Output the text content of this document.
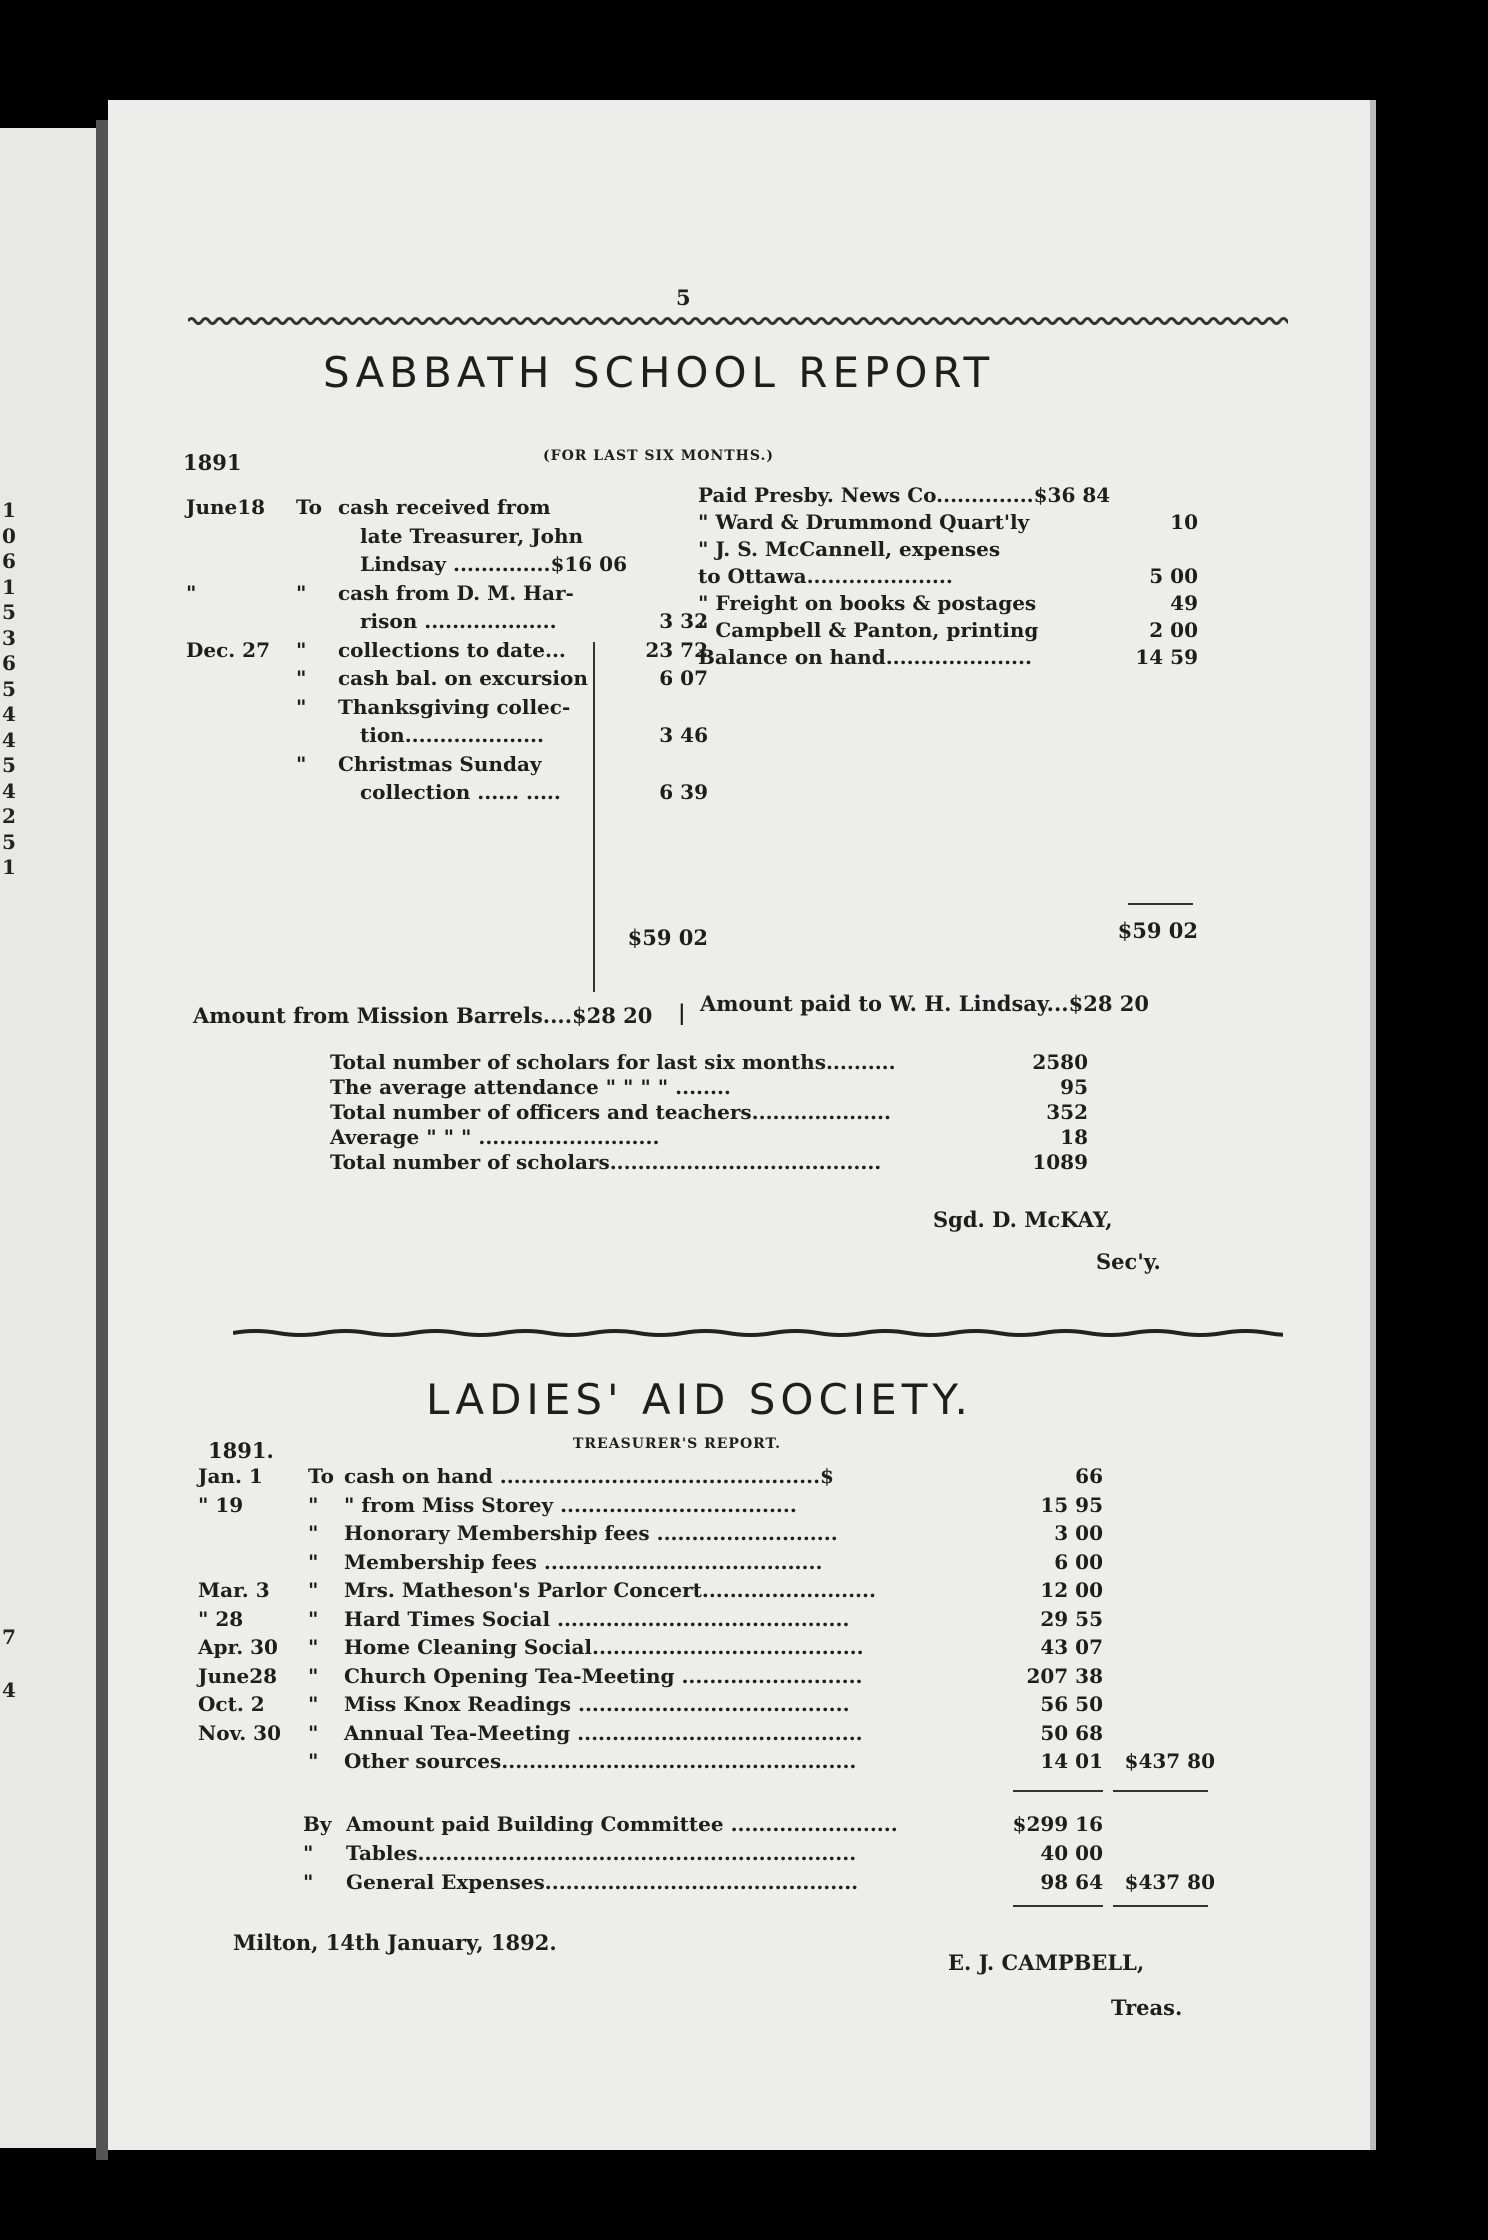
1
0
6
1
5
3
6
5
4
4
5
4
2
5
1
7
4
5
SABBATH SCHOOL REPORT
1891	(FOR LAST SIX MONTHS.)
June18 To cash received from
late Treasurer, John
Lindsay ..............$16 06
"	" cash from D. M. Har-
rison ...................	3 32
Dec. 27 " collections to date...	23 72
" cash bal. on excursion	6 07
" Thanksgiving collec-
tion....................	3 46
" Christmas Sunday
collection ...... .....	6 39
$59 02
Paid Presby. News Co..............$36 84
" Ward & Drummond Quart'ly	10
" J. S. McCannell, expenses
to Ottawa.....................	5 00
" Freight on books & postages	49
" Campbell & Panton, printing	2 00
Balance on hand.....................	14 59
$59 02
Amount from Mission Barrels....$28 20 | Amount paid to W. H. Lindsay...$28 20
Total number of scholars for last six months..........	2580
The average attendance " " " " ........	95
Total number of officers and teachers....................	352
Average " " " ..........................	18
Total number of scholars.......................................	1089
Sgd. D. McKAY,
Sec'y.
LADIES' AID SOCIETY.
1891.	TREASURER'S REPORT.
Jan. 1 To cash on hand ..............................................$	66
" 19	" " from Miss Storey ..................................	15 95
" Honorary Membership fees ..........................	3 00
" Membership fees ........................................	6 00
Mar. 3 " Mrs. Matheson's Parlor Concert.........................	12 00
" 28	" Hard Times Social ..........................................	29 55
Apr. 30 " Home Cleaning Social.......................................	43 07
June28 " Church Opening Tea-Meeting ..........................	207 38
Oct. 2 " Miss Knox Readings .......................................	56 50
Nov. 30 " Annual Tea-Meeting .........................................	50 68
" Other sources...................................................	14 01	$437 80
By Amount paid Building Committee ........................	$299 16
" Tables...............................................................	40 00
" General Expenses.............................................	98 64	$437 80
Milton, 14th January, 1892.
E. J. CAMPBELL,
Treas.
